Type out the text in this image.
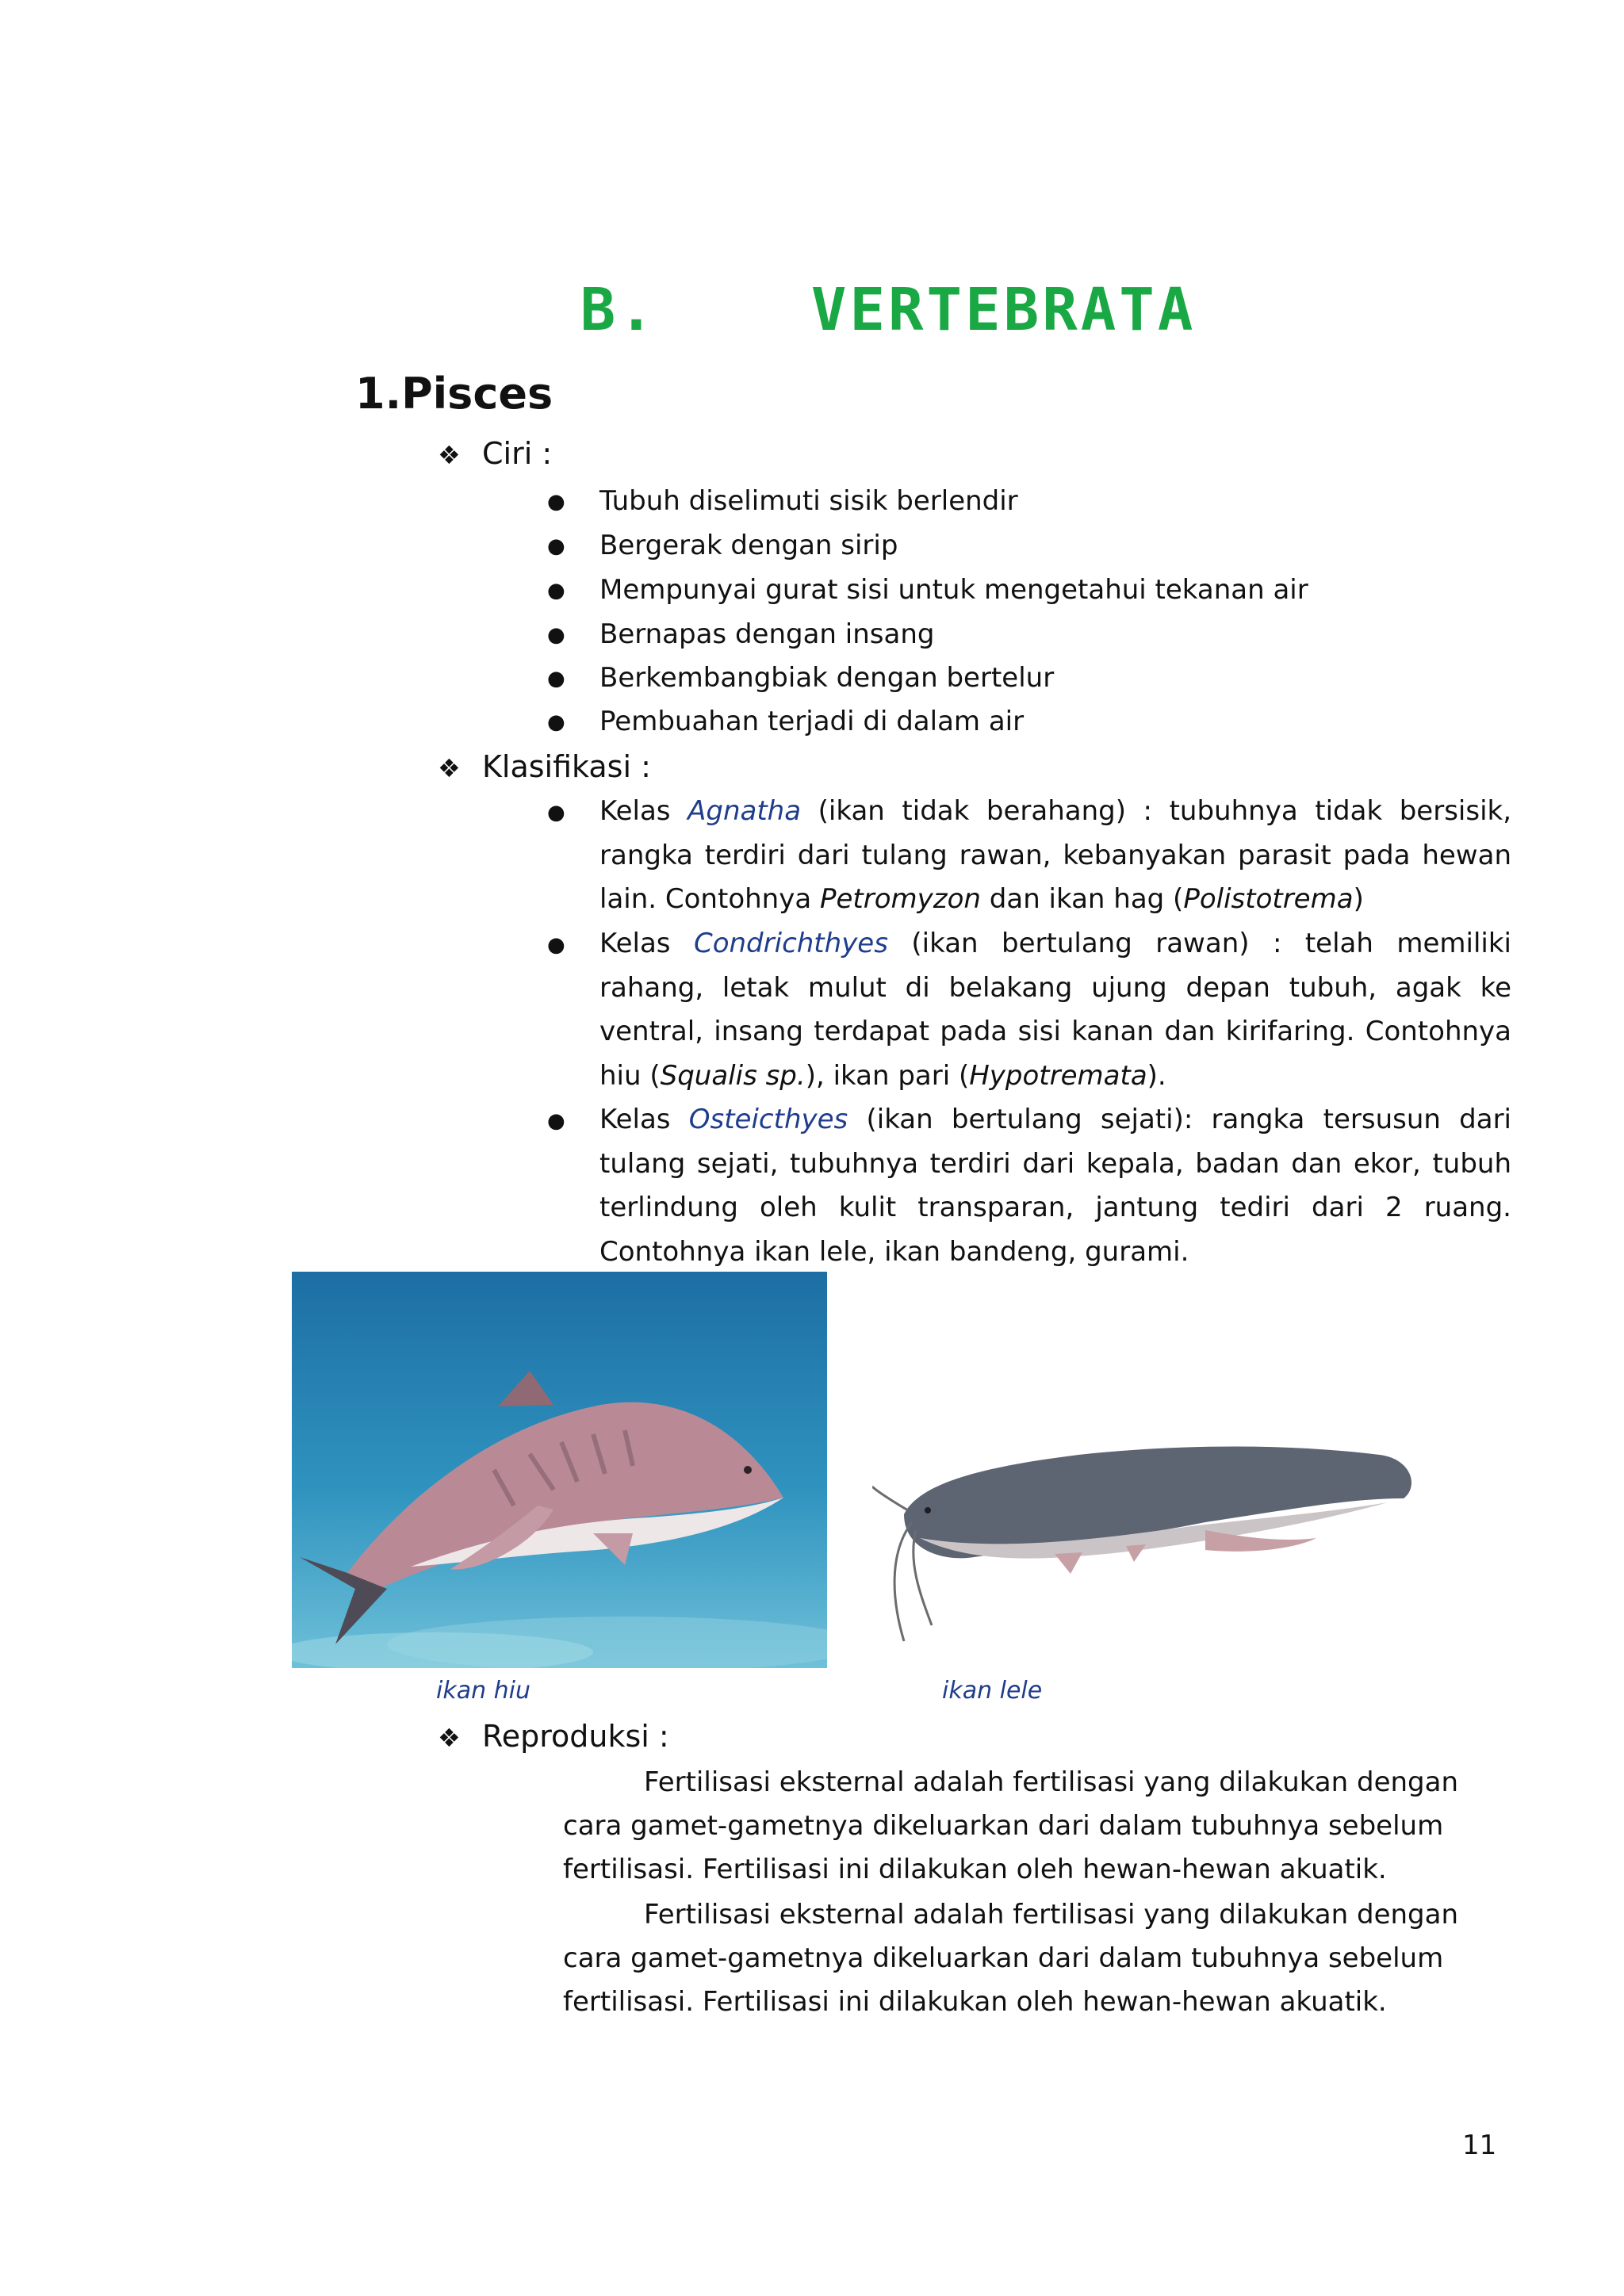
B.    VERTEBRATA
1.Pisces
❖ Ciri :
● Tubuh diselimuti sisik berlendir
● Bergerak dengan sirip
● Mempunyai gurat sisi untuk mengetahui tekanan air
● Bernapas dengan insang
● Berkembangbiak dengan bertelur
● Pembuahan terjadi di dalam air
❖ Klasifikasi :
● Kelas Agnatha (ikan tidak berahang) : tubuhnya tidak bersisik, rangka terdiri dari tulang rawan, kebanyakan parasit pada hewan lain. Contohnya Petromyzon dan ikan hag (Polistotrema)
● Kelas Condrichthyes (ikan bertulang rawan) : telah memiliki rahang, letak mulut di belakang ujung depan tubuh, agak ke ventral, insang terdapat pada sisi kanan dan kirifaring. Contohnya hiu (Squalis sp.), ikan pari (Hypotremata).
● Kelas Osteicthyes (ikan bertulang sejati): rangka tersusun dari tulang sejati, tubuhnya terdiri dari kepala, badan dan ekor, tubuh terlindung oleh kulit transparan, jantung tediri dari 2 ruang. Contohnya ikan lele, ikan bandeng, gurami.
ikan hiu	ikan lele
❖ Reproduksi :
Fertilisasi eksternal adalah fertilisasi yang dilakukan dengan cara gamet-gametnya dikeluarkan dari dalam tubuhnya sebelum fertilisasi. Fertilisasi ini dilakukan oleh hewan-hewan akuatik.
Fertilisasi eksternal adalah fertilisasi yang dilakukan dengan cara gamet-gametnya dikeluarkan dari dalam tubuhnya sebelum fertilisasi. Fertilisasi ini dilakukan oleh hewan-hewan akuatik.
11
